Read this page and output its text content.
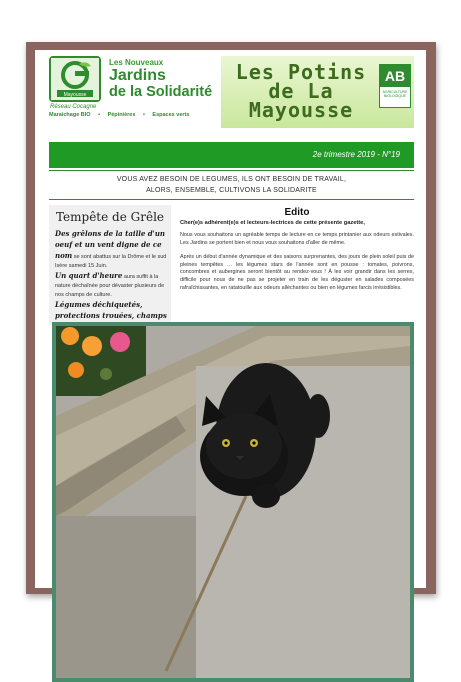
Mayousse
Réseau Cocagne
Les Nouveaux
Jardins
de la Solidarité
Maraichage BIO • Pépinières • Espaces verts
Les Potins
de La
Mayousse
AB
AGRICULTURE
BIOLOGIQUE
2e trimestre 2019 - N°19
VOUS AVEZ BESOIN DE LEGUMES, ILS ONT BESOIN DE TRAVAIL,
ALORS, ENSEMBLE, CULTIVONS LA SOLIDARITE
Tempête de Grêle
Des grêlons de la taille d'un oeuf et un vent digne de ce nom se sont abattus sur la Drôme et le sud Isère samedi 15 Juin.
Un quart d'heure aura suffit à la nature déchaînée pour dévaster plusieurs de nos champs de culture.
Légumes déchiquetés, protections trouées, champs
Edito
Cher(e)s adhérent(e)s et lecteurs-lectrices de cette présente gazette,
Nous vous souhaitons un agréable temps de lecture en ce temps printanier aux odeurs estivales. Les Jardins se portent bien et nous vous souhaitons d'aller de même.
Après un début d'année dynamique et des saisons surprenantes, des jours de plein soleil puis de pleines tempêtes … les légumes stars de l'année sont en pousse : tomates, poivrons, concombres et aubergines seront bientôt au rendez-vous ! À les voir grandir dans les serres, difficile pour nous de ne pas se projeter en train de les déguster en salades composées rafraîchissantes, en ratatouille aux odeurs alléchantes ou bien en légumes farcis irrésistibles.
